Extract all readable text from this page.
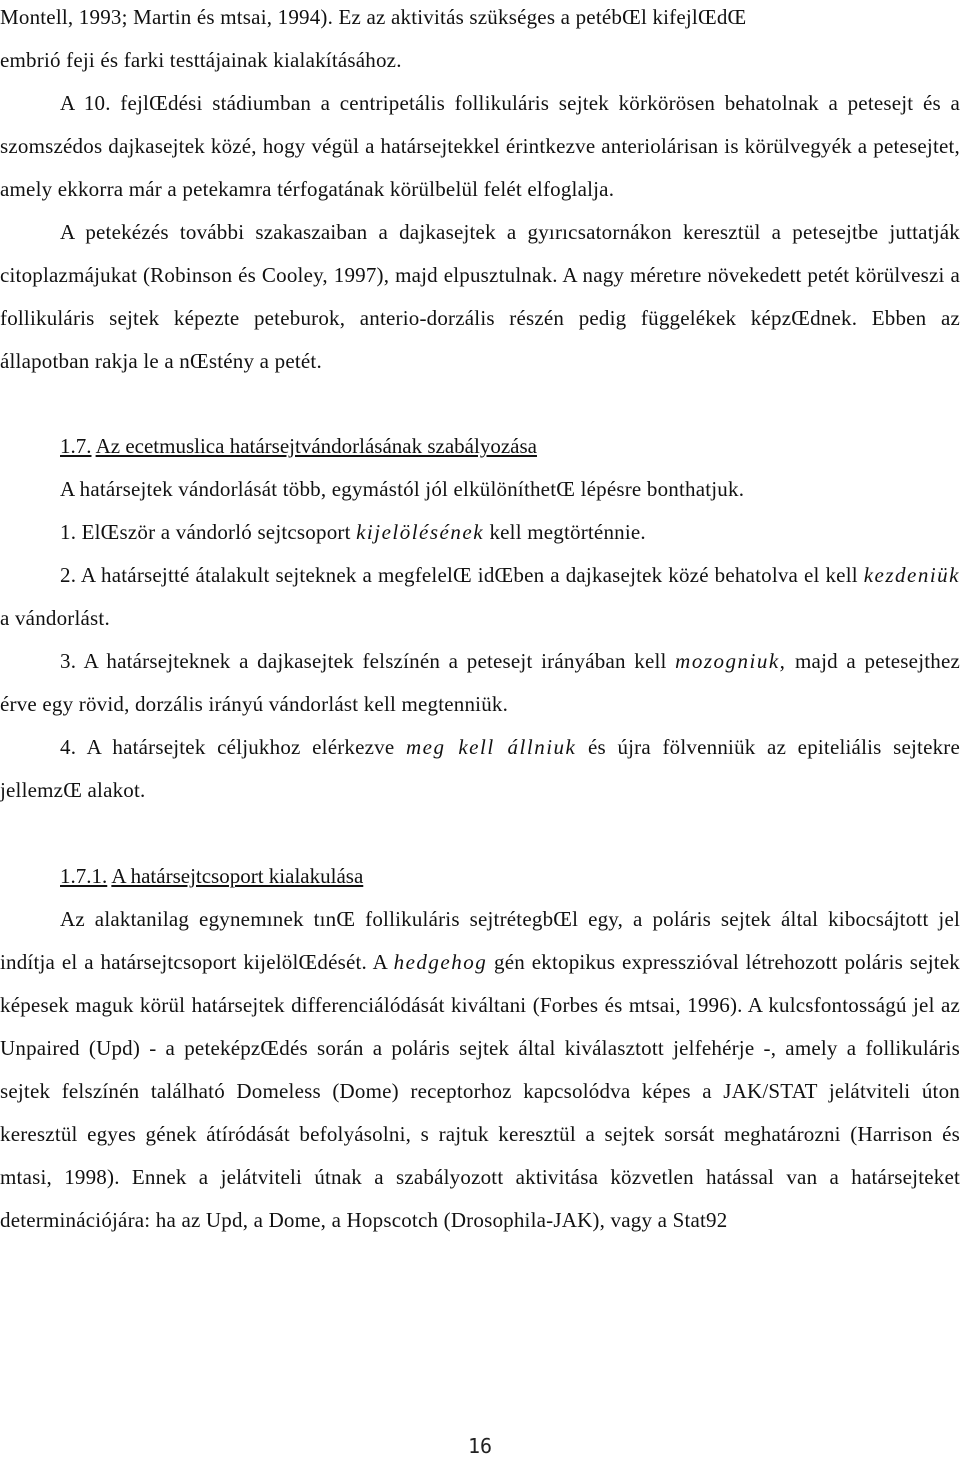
Montell, 1993; Martin és mtsai, 1994). Ez az aktivitás szükséges a petébŒl kifejlŒdŒ
embrió feji és farki testtájainak kialakításához.

A 10. fejlŒdési stádiumban a centripetális follikuláris sejtek körkörösen behatolnak a petesejt és a szomszédos dajkasejtek közé, hogy végül a határsejtekkel érintkezve anteriolárisan is körülvegyék a petesejtet, amely ekkorra már a petekamra térfogatának körülbelül felét elfoglalja.

A petekézés további szakaszaiban a dajkasejtek a gyırıcsatornákon keresztül a petesejtbe juttatják citoplazmájukat (Robinson és Cooley, 1997), majd elpusztulnak. A nagy méretıre növekedett petét körülveszi a follikuláris sejtek képezte peteburok, anterio-dorzális részén pedig függelékek képzŒdnek. Ebben az állapotban rakja le a nŒstény a petét.

1.7. Az ecetmuslica határsejtvándorlásának szabályozása

A határsejtek vándorlását több, egymástól jól elkülöníthetŒ lépésre bonthatjuk.

1. ElŒször a vándorló sejtcsoport kijelölésének kell megtörténnie.

2. A határsejtté átalakult sejteknek a megfelelŒ idŒben a dajkasejtek közé behatolva el kell kezdeniük a vándorlást.

3. A határsejteknek a dajkasejtek felszínén a petesejt irányában kell mozogniuk, majd a petesejthez érve egy rövid, dorzális irányú vándorlást kell megtenniük.

4. A határsejtek céljukhoz elérkezve meg kell állniuk és újra fölvenniük az epiteliális sejtekre jellemzŒ alakot.

1.7.1. A határsejtcsoport kialakulása

Az alaktanilag egynemınek tınŒ follikuláris sejtrétegbŒl egy, a poláris sejtek által kibocsájtott jel indítja el a határsejtcsoport kijelölŒdését. A hedgehog gén ektopikus expresszióval létrehozott poláris sejtek képesek maguk körül határsejtek differenciálódását kiváltani (Forbes és mtsai, 1996). A kulcsfontosságú jel az Unpaired (Upd) - a peteképzŒdés során a poláris sejtek által kiválasztott jelfehérje -, amely a follikuláris sejtek felszínén található Domeless (Dome) receptorhoz kapcsolódva képes a JAK/STAT jelátviteli úton keresztül egyes gének átíródását befolyásolni, s rajtuk keresztül a sejtek sorsát meghatározni (Harrison és mtasi, 1998). Ennek a jelátviteli útnak a szabályozott aktivitása közvetlen hatással van a határsejteket determinációjára: ha az Upd, a Dome, a Hopscotch (Drosophila-JAK), vagy a Stat92

16
